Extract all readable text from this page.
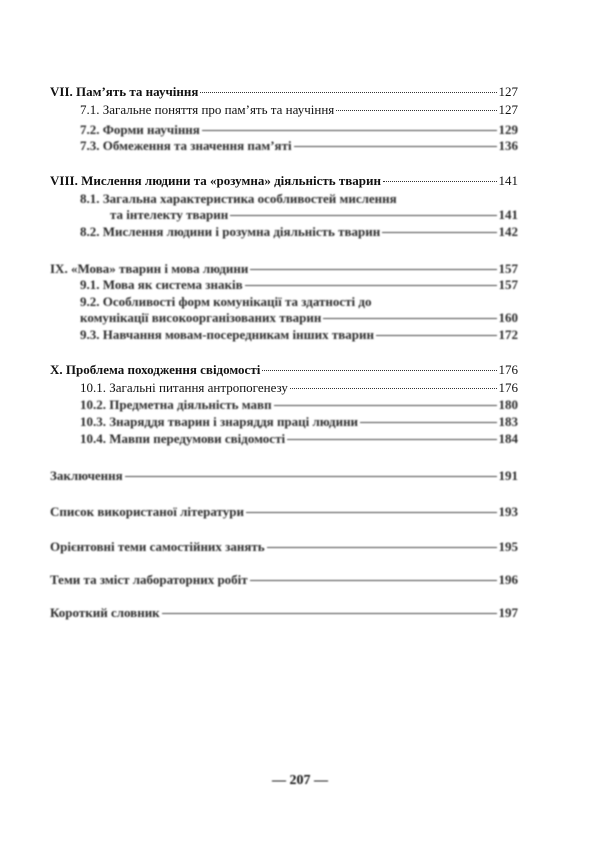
VII. Пам’ять та научіння	127
7.1. Загальне поняття про пам’ять та научіння	127
7.2. Форми научіння	129
7.3. Обмеження та значення пам’яті	136
VIII. Мислення людини та «розумна» діяльність тварин	141
8.1. Загальна характеристика особливостей мислення
та інтелекту тварин	141
8.2. Мислення людини і розумна діяльність тварин	142
IX. «Мова» тварин і мова людини	157
9.1. Мова як система знаків	157
9.2. Особливості форм комунікації та здатності до
комунікації високоорганізованих тварин	160
9.3. Навчання мовам-посередникам інших тварин	172
X. Проблема походження свідомості	176
10.1. Загальні питання антропогенезу	176
10.2. Предметна діяльність мавп	180
10.3. Знаряддя тварин і знаряддя праці людини	183
10.4. Мавпи передумови свідомості	184
Заключення	191
Список використаної літератури	193
Орієнтовні теми самостійних занять	195
Теми та зміст лабораторних робіт	196
Короткий словник	197
— 207 —
